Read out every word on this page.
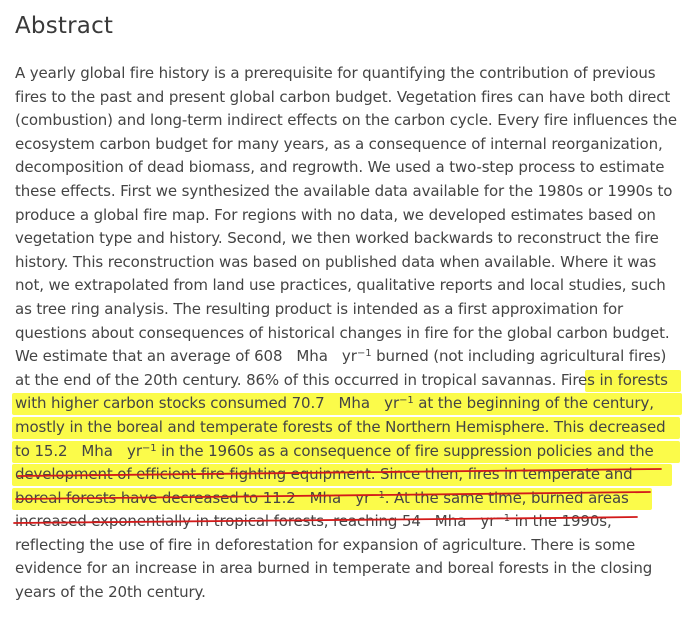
Abstract
A yearly global fire history is a prerequisite for quantifying the contribution of previous
fires to the past and present global carbon budget. Vegetation fires can have both direct
(combustion) and long-term indirect effects on the carbon cycle. Every fire influences the
ecosystem carbon budget for many years, as a consequence of internal reorganization,
decomposition of dead biomass, and regrowth. We used a two-step process to estimate
these effects. First we synthesized the available data available for the 1980s or 1990s to
produce a global fire map. For regions with no data, we developed estimates based on
vegetation type and history. Second, we then worked backwards to reconstruct the fire
history. This reconstruction was based on published data when available. Where it was
not, we extrapolated from land use practices, qualitative reports and local studies, such
as tree ring analysis. The resulting product is intended as a first approximation for
questions about consequences of historical changes in fire for the global carbon budget.
We estimate that an average of 608 Mha $yr^{-1}$ burned (not including agricultural fires)
at the end of the 20th century. 86% of this occurred in tropical savannas. Fires in forests
with higher carbon stocks consumed 70.7 Mha $yr^{-1}$ at the beginning of the century,
mostly in the boreal and temperate forests of the Northern Hemisphere. This decreased
to 15.2 Mha $yr^{-1}$ in the 1960s as a consequence of fire suppression policies and the
development of efficient fire fighting equipment. Since then, fires in temperate and
boreal forests have decreased to 11.2 Mha $yr^{-1}$. At the same time, burned areas
increased exponentially in tropical forests, reaching 54 Mha $yr^{-1}$ in the 1990s,
reflecting the use of fire in deforestation for expansion of agriculture. There is some
evidence for an increase in area burned in temperate and boreal forests in the closing
years of the 20th century.
